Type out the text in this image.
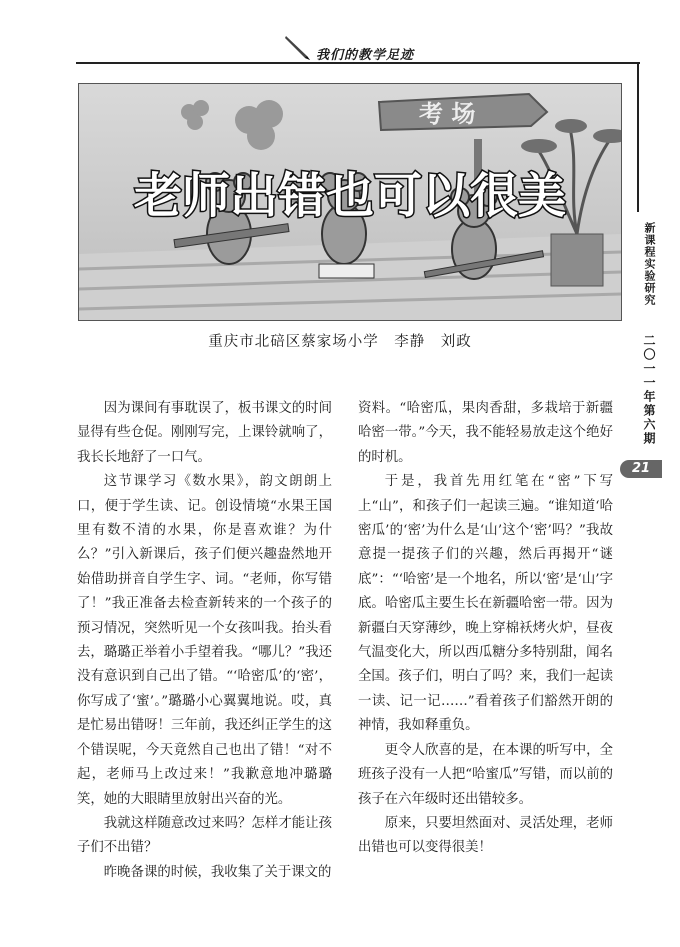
我们的教学足迹
考 场
老师出错也可以很美
新课程实验研究
二〇一一年第六期
21
重庆市北碚区蔡家场小学　李静　刘政

因为课间有事耽误了，板书课文的时间显得有些仓促。刚刚写完，上课铃就响了，我长长地舒了一口气。

这节课学习《数水果》，韵文朗朗上口，便于学生读、记。创设情境“水果王国里有数不清的水果，你是喜欢谁？为什么？”引入新课后，孩子们便兴趣盎然地开始借助拼音自学生字、词。“老师，你写错了！”我正准备去检查新转来的一个孩子的预习情况，突然听见一个女孩叫我。抬头看去，璐璐正举着小手望着我。“哪儿？”我还没有意识到自己出了错。“‘哈密瓜’的‘密’，你写成了‘蜜’。”璐璐小心翼翼地说。哎，真是忙易出错呀！三年前，我还纠正学生的这个错误呢，今天竟然自己也出了错！“对不起，老师马上改过来！”我歉意地冲璐璐笑，她的大眼睛里放射出兴奋的光。

我就这样随意改过来吗？怎样才能让孩子们不出错？

昨晚备课的时候，我收集了关于课文的

资料。“哈密瓜，果肉香甜，多栽培于新疆哈密一带。”今天，我不能轻易放走这个绝好的时机。

于是，我首先用红笔在“密”下写上“山”，和孩子们一起读三遍。“谁知道‘哈密瓜’的‘密’为什么是‘山’这个‘密’吗？”我故意提一提孩子们的兴趣，然后再揭开“谜底”：“‘哈密’是一个地名，所以‘密’是‘山’字底。哈密瓜主要生长在新疆哈密一带。因为新疆白天穿薄纱，晚上穿棉袄烤火炉，昼夜气温变化大，所以西瓜糖分多特别甜，闻名全国。孩子们，明白了吗？来，我们一起读一读、记一记……”看着孩子们豁然开朗的神情，我如释重负。

更令人欣喜的是，在本课的听写中，全班孩子没有一人把“哈蜜瓜”写错，而以前的孩子在六年级时还出错较多。

原来，只要坦然面对、灵活处理，老师出错也可以变得很美！
